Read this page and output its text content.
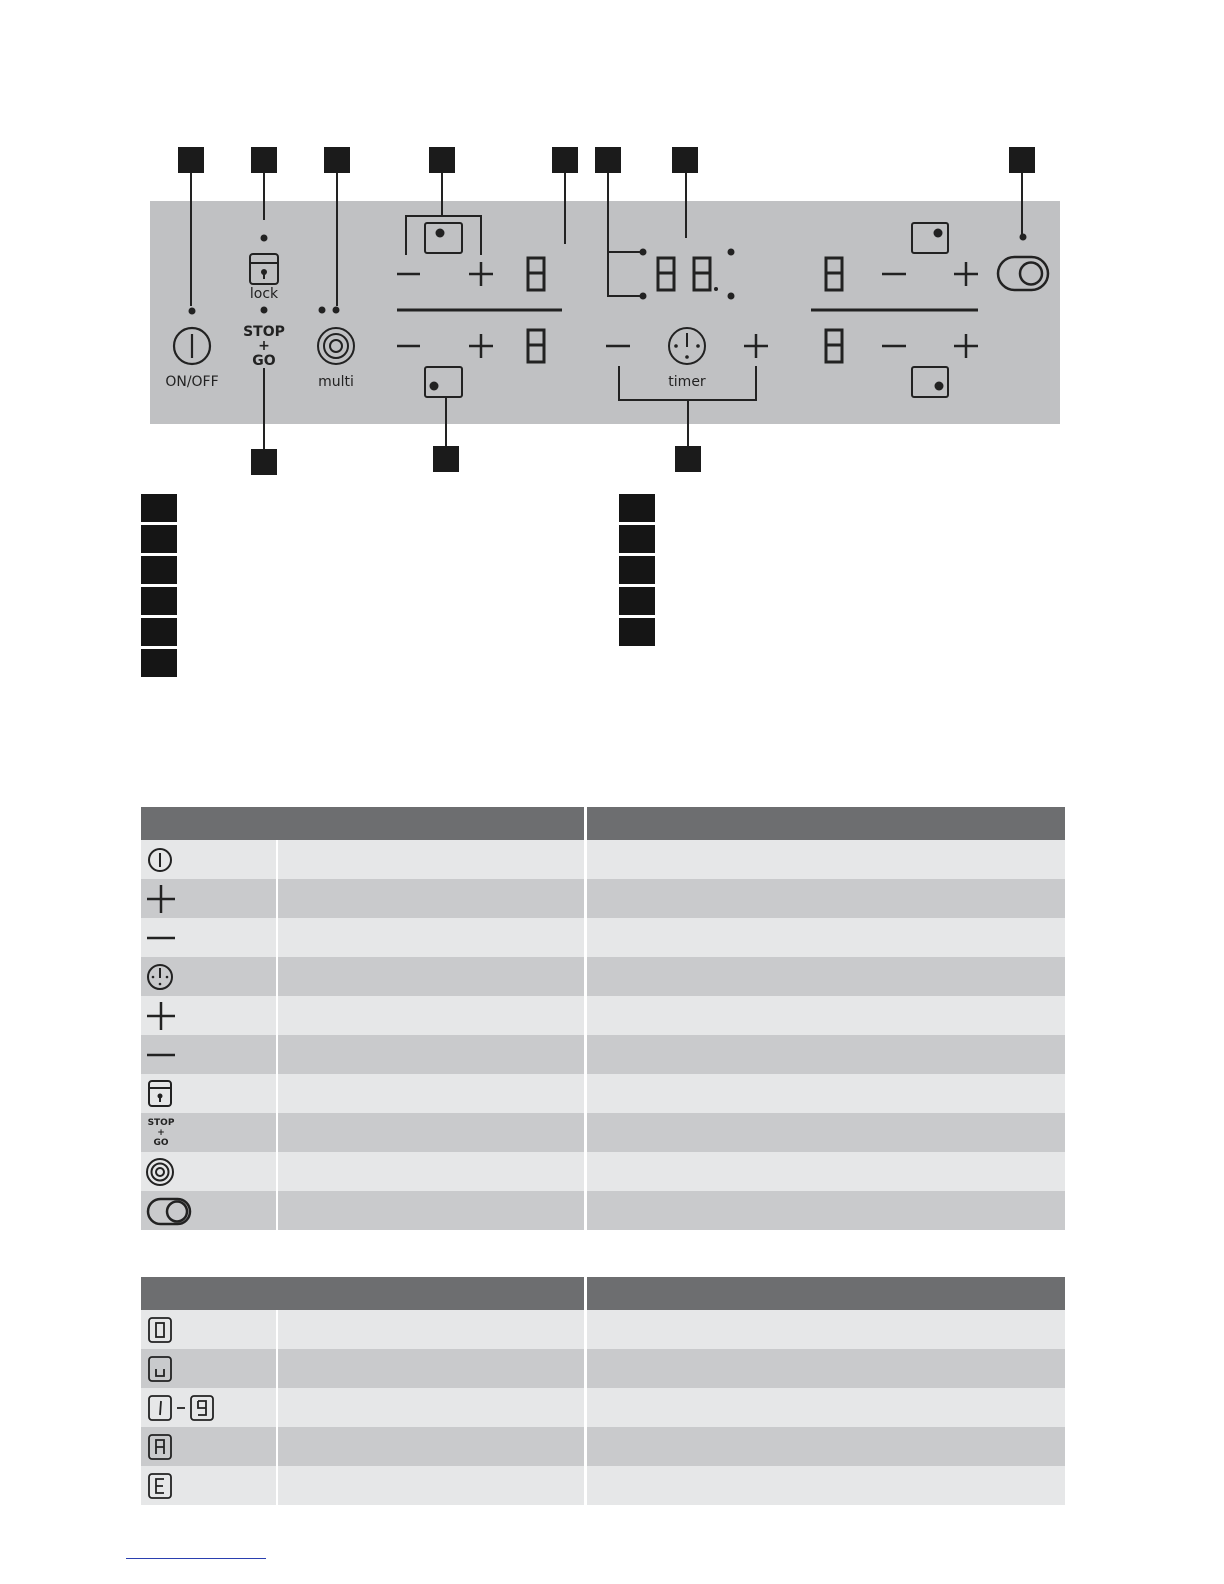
ON/OFF
lock
STOP
+
GO
multi	timer

STOP
+
GO		
